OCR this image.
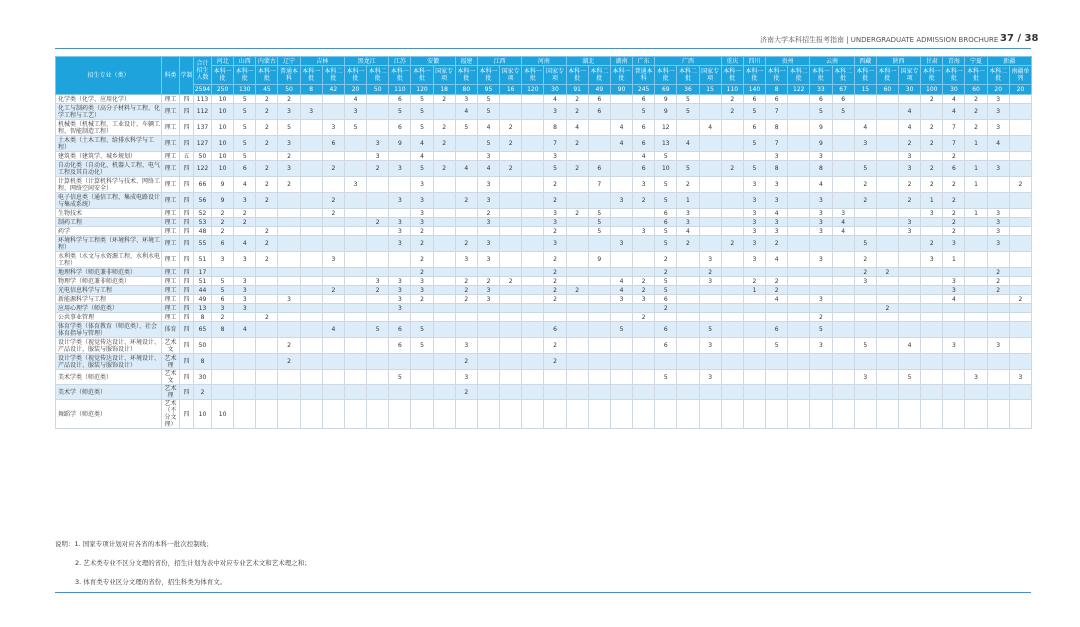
济南大学本科招生报考指南 | UNDERGRADUATE ADMISSION BROCHURE 37 / 38
招生专业（类）	科类	学制	合计招生人数	河北	山西	内蒙古	辽宁	吉林		黑龙江		江苏	安徽		福建	江西		河南		湖北		湖南	广东	广西			重庆	四川	贵州		云南		西藏	陕西		甘肃	青海	宁夏	新疆		
				本科一批	本科一批	本科一批	普通本科	本科一批	本科二批	本科一批	本科二批	本科一批	本科一批	国家专项	本科一批	本科一批	国家专项	本科一批	国家专项	本科一批	本科二批	本科一批	普通本科	本科一批	本科二批	国家专项	本科一批	本科一批	本科一批	本科二批	本科一批	本科二批	本科一批	本科一批	国家专项	本科一批	本科一批	本科一批	本科二批	南疆单列	
			2594	250	130	45	50	8	42	20	50	110	120	18	80	95	16	120	30	91	49	90	245	69	36	15	110	140	8	122	33	67	15	60	30	100	30	60	20	20	
化学类（化学、应用化学）	理工	四	113	10	5	2	2			4		6	5	2	3	5			4	2	6		6	9	5		2	6	6		6	6				2	4	2	3		
化工与制药类（高分子材料与工程、化学工程与工艺）	理工	四	112	10	5	2	3	3		3		5	5		4	5			3	2	6		5	9	5		2	5	7		5	5			4		4	2	3		
机械类（机械工程、工业设计、车辆工程、智能制造工程）	理工	四	137	10	5	2	5		3	5		6	5	2	5	4	2		8	4		4	6	12		4		6	8		9		4		4	2	7	2	3		
土木类（土木工程、给排水科学与工程）	理工	四	127	10	5	2	3		6		3	9	4	2		5	2		7	2		4	6	13	4			5	7		9		3		2	2	7	1	4		
建筑类（建筑学、城乡规划）	理工	五	50	10	5		2				3		4			3			3				4	5					3		3				3		2				
自动化类（自动化、机器人工程、电气工程及其自动化）	理工	四	122	10	6	2	3		2		2	3	5	2	4	4	2		5	2	6		6	10	5		2	5	8		8		5		3	2	6	1	3		
计算机类（计算机科学与技术、网络工程、网络空间安全）	理工	四	66	9	4	2	2			3			3			3			2		7		3	5	2			3	3		4		2		2	2	2	1		2	
电子信息类（通信工程、集成电路设计与集成系统）	理工	四	56	9	3	2			2			3	3		2	3			2			3	2	5	1			3	3		3		2		2	1	2				
生物技术	理工	四	52	2	2				2				3			2			3	2	5			6	3			3	4		3	3				3	2	1	3		
制药工程	理工	四	53	2	2						2	3	3			3			3		5			6	3			3	3		3	4			3		2		3		
药学	理工	四	48	2		2						3	2						2		5		3	5	4			3	3		3	4			3		2		3		
环境科学与工程类（环境科学、环境工程）	理工	四	55	6	4	2						3	2		2	3			3			3		5	2		2	3	2				5			2	3		3		
水利类（水文与水资源工程、水利水电工程）	理工	四	51	3	3	2			3				2		3	3			2		9			2		3		3	4		3		2			3	1				
地理科学（师范兼非师范类）	理工	四	17										2						2					2		2							2	2					2		
物理学（师范兼非师范类）	理工	四	51	5	3						3	3	3		2	2	2		2			4	2	5		3		2	2				3				3		2		
光电信息科学与工程	理工	四	44	5	3				2		2	3	3		2	3			2	2		4	2	5				1	2								3		2		
新能源科学与工程	理工	四	49	6	3		3					3	2		2	3			2			3	3	6					4		3						4			2	
应用心理学（师范类）	理工	四	13	3	3							3												2										2							
公共事业管理	理工	四	8	2		2																	2								2										
体育学类（体育教育（师范类）、社会体育指导与管理）	体育	四	65	8	4				4		5	6	5						6			5		6		5			6		5										
设计学类（视觉传达设计、环境设计、产品设计、服装与服饰设计）	艺术文	四	50				2					6	5		3				2					6		3			5		3		5		4		3		3		
设计学类（视觉传达设计、环境设计、产品设计、服装与服饰设计）	艺术理	四	8				2								2				2																						
美术学类（师范类）	艺术文	四	30									5			3									5		3							3		5			3		3	
美术学（师范类）	艺术理	四	2												2																										
舞蹈学（师范类）	艺术（不分文理）	四	10	10																																					
说明：1. 国家专项计划对应各省的本科一批次控制线；
2. 艺术类专业不区分文理的省份，招生计划为表中对应专业艺术文和艺术理之和；
3. 体育类专业区分文理的省份，招生科类为体育文。
